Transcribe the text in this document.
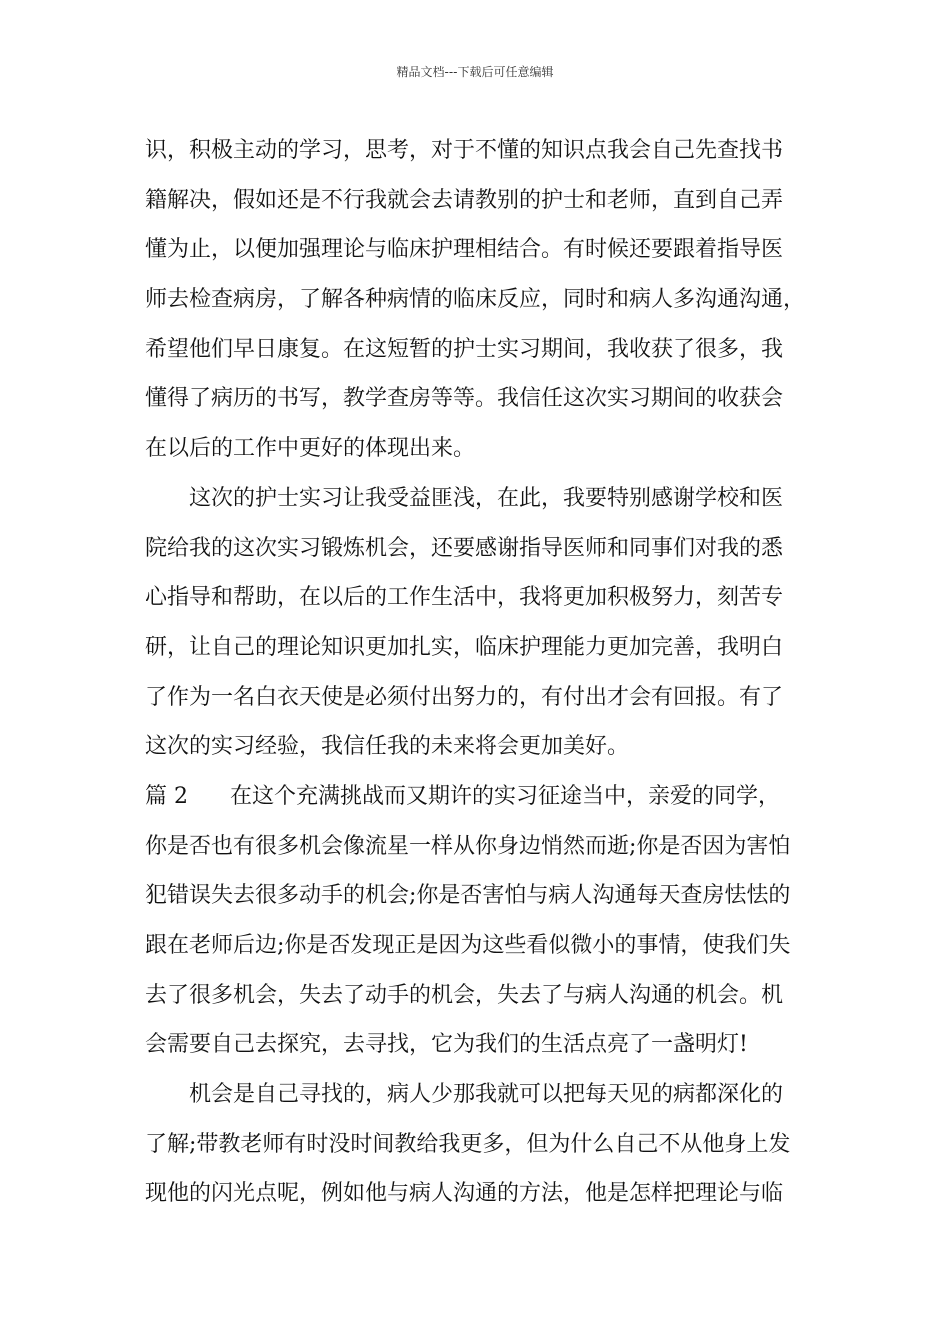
精品文档---下载后可任意编辑
识，积极主动的学习，思考，对于不懂的知识点我会自己先查找书
籍解决，假如还是不行我就会去请教别的护士和老师，直到自己弄
懂为止，以便加强理论与临床护理相结合。有时候还要跟着指导医
师去检查病房，了解各种病情的临床反应，同时和病人多沟通沟通，
希望他们早日康复。在这短暂的护士实习期间，我收获了很多，我
懂得了病历的书写，教学查房等等。我信任这次实习期间的收获会
在以后的工作中更好的体现出来。
这次的护士实习让我受益匪浅，在此，我要特别感谢学校和医
院给我的这次实习锻炼机会，还要感谢指导医师和同事们对我的悉
心指导和帮助，在以后的工作生活中，我将更加积极努力，刻苦专
研，让自己的理论知识更加扎实，临床护理能力更加完善，我明白
了作为一名白衣天使是必须付出努力的，有付出才会有回报。有了
这次的实习经验，我信任我的未来将会更加美好。
篇 2 在这个充满挑战而又期许的实习征途当中，亲爱的同学，
你是否也有很多机会像流星一样从你身边悄然而逝;你是否因为害怕
犯错误失去很多动手的机会;你是否害怕与病人沟通每天查房怯怯的
跟在老师后边;你是否发现正是因为这些看似微小的事情，使我们失
去了很多机会，失去了动手的机会，失去了与病人沟通的机会。机
会需要自己去探究，去寻找，它为我们的生活点亮了一盏明灯!
机会是自己寻找的，病人少那我就可以把每天见的病都深化的
了解;带教老师有时没时间教给我更多，但为什么自己不从他身上发
现他的闪光点呢，例如他与病人沟通的方法，他是怎样把理论与临
